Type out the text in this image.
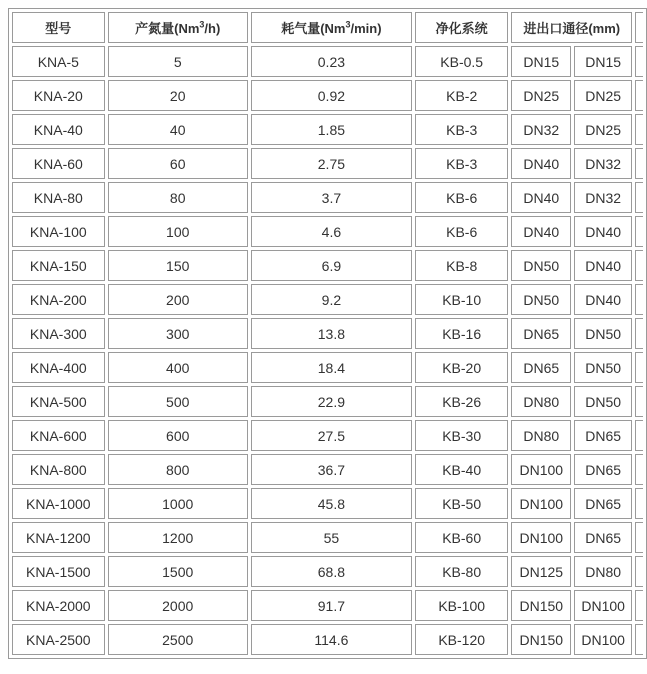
型号	产氮量(Nm$^3$/h)	耗气量(Nm$^3$/min)	净化系统	进出口通径(mm)		
KNA-5	5	0.23	KB-0.5	DN15	DN15	
KNA-20	20	0.92	KB-2	DN25	DN25	
KNA-40	40	1.85	KB-3	DN32	DN25	
KNA-60	60	2.75	KB-3	DN40	DN32	
KNA-80	80	3.7	KB-6	DN40	DN32	
KNA-100	100	4.6	KB-6	DN40	DN40	
KNA-150	150	6.9	KB-8	DN50	DN40	
KNA-200	200	9.2	KB-10	DN50	DN40	
KNA-300	300	13.8	KB-16	DN65	DN50	
KNA-400	400	18.4	KB-20	DN65	DN50	
KNA-500	500	22.9	KB-26	DN80	DN50	
KNA-600	600	27.5	KB-30	DN80	DN65	
KNA-800	800	36.7	KB-40	DN100	DN65	
KNA-1000	1000	45.8	KB-50	DN100	DN65	
KNA-1200	1200	55	KB-60	DN100	DN65	
KNA-1500	1500	68.8	KB-80	DN125	DN80	
KNA-2000	2000	91.7	KB-100	DN150	DN100	
KNA-2500	2500	114.6	KB-120	DN150	DN100	
